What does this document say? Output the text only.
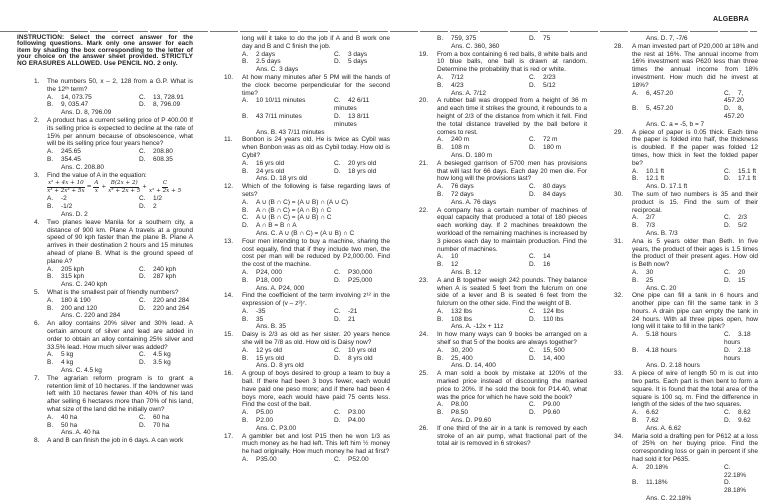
ALGEBRA
INSTRUCTION: Select the correct answer for the following questions. Mark only one answer for each item by shading the box corresponding to the letter of your choice on the answer sheet provided. STRICTLY NO ERASURES ALLOWED. Use PENCIL NO. 2 only.
1.	The numbers 50, x – 2, 128 from a G.P. What is the 12ᵗʰ term?
A. 14, 073.75	C. 13, 728.91
B. 9, 035.47	D. 8, 796.09
Ans. D. 8, 796.09
2.	A product has a current selling price of P 400.00 If its selling price is expected to decline at the rate of 15% per annum because of obsolescence, what will be its selling price four years hence?
A. 245.65	C. 208.80
B. 354.45	D. 608.35
Ans. C. 208.80
3.	Find the value of A in the equation:
$\frac{\text{x² + 4x + 10}}{\text{x³ + 2x² + 5x}} = \frac{A}{x} + \frac{B(2x + 2)}{\text{x² + 2x + 5}} + \frac{C}{\text{x² + 2x + 5}}$
A. -2	C. 1/2
B. -1/2	D. 2
Ans. D. 2
4.	Two planes leave Manila for a southern city, a distance of 900 km. Plane A travels at a ground speed of 90 kph faster than the plane B. Plane A arrives in their destination 2 hours and 15 minutes ahead of plane B. What is the ground speed of plane A?
A. 205 kph	C. 240 kph
B. 315 kph	D. 287 kph
Ans. C. 240 kph
5.	What is the smallest pair of friendly numbers?
A. 180 & 190	C. 220 and 284
B. 200 and 120	D. 220 and 264
Ans. C. 220 and 284
6.	An alloy contains 20% silver and 30% lead. A certain amount of silver and lead are added in order to obtain an alloy containing 25% silver and 33.5% lead. How much silver was added?
A. 5 kg	C. 4.5 kg
B. 4 kg	D. 3.5 kg
Ans. C. 4.5 kg
7.	The agrarian reform program is to grant a retention limit of 10 hectares. If the landowner was left with 10 hectares fewer than 40% of his land after selling 6 hectares more than 70% of his land, what size of the land did he initially own?
A. 40 ha	C. 60 ha
B. 50 ha	D. 70 ha
Ans. A. 40 ha
8.	A and B can finish the job in 6 days. A can work
long will it take to do the job if A and B work one day and B and C finish the job.
A. 2 days	C. 3 days
B. 2.5 days	D. 5 days
Ans. C. 3 days
10.	At how many minutes after 5 PM will the hands of the clock become perpendicular for the second time?
A. 10 10/11 minutes	C. 42 6/11 minutes
B. 43 7/11 minutes	D. 13 8/11 minutes
Ans. B. 43 7/11 minutes
11.	Bonbon is 24 years old. He is twice as Cybil was when Bonbon was as old as Cybil today. How old is Cybil?
A. 16 yrs old	C. 20 yrs old
B. 24 yrs old	D. 18 yrs old
Ans. D. 18 yrs old
12.	Which of the following is false regarding laws of sets?
A. A ∪ (B ∩ C) = (A ∪ B) ∩ (A ∪ C)
B. A ∩ (B ∩ C) = (A ∩ B) ∩ C
C. A ∪ (B ∩ C) = (A ∪ B) ∩ C
D. A ∩ B = B ∩ A
Ans. C. A ∪ (B ∩ C) = (A ∪ B) ∩ C
13.	Four men intending to buy a machine, sharing the cost equally, find that if they include two men, the cost per man will be reduced by P2,000.00. Find the cost of the machine.
A. P24, 000	C. P30,000
B. P18, 000	D. P25,000
Ans. A. P24, 000
14.	Find the coefficient of the term involving z¹² in the expression of (v – z³)⁷.
A. -35	C. -21
B. 35	D. 21
Ans. B. 35
15.	Daisy is 2/3 as old as her sister. 20 years hence she will be 7/8 as old. How old is Daisy now?
A. 12 ys old	C. 10 yrs old
B. 15 yrs old	D. 8 yrs old
Ans. D. 8 yrs old
16.	A group of boys desired to group a team to buy a ball. If there had been 3 boys fewer, each would have paid one peso more; and if there had been 4 boys more, each would have paid 75 cents less. Find the cost of the ball.
A. P5.00	C. P3.00
B. P2.00	D. P4.00
Ans. C. P3.00
17.	A gambler bet and lost P15 then he won 1/3 as much money as he had left. This left him ½ money he had originally. How much money he had at first?
A. P35.00	C. P52.00
B. 759, 375	D. 75
Ans. C. 360, 360
19.	From a box containing 6 red balls, 8 white balls and 10 blue balls, one ball is drawn at random. Determine the probability that is red or white.
A. 7/12	C. 2/23
B. 4/23	D. 5/12
Ans. A. 7/12
20.	A rubber ball was dropped from a height of 36 m and each time it strikes the ground, it rebounds to a height of 2/3 of the distance from which it fell. Find the total distance travelled by the ball before it comes to rest.
A. 240 m	C. 72 m
B. 108 m	D. 180 m
Ans. D. 180 m
21.	A besieged garrison of 5700 men has provisions that will last for 66 days. Each day 20 men die. For how long will the provisions last?
A. 76 days	C. 80 days
B. 72 days	D. 84 days
Ans. A. 76 days
22.	A company has a certain number of machines of equal capacity that produced a total of 180 pieces each working day. If 2 machines breakdown the workload of the remaining machines is increased by 3 pieces each day to maintain production. Find the number of machines.
A. 10	C. 14
B. 12	D. 16
Ans. B. 12
23.	A and B together weigh 242 pounds. They balance when A is seated 5 feet from the fulcrum on one side of a lever and B is seated 6 feet from the fulcrum on the other side. Find the weight of B.
A. 132 lbs	C. 124 lbs
B. 108 lbs	D. 110 lbs
Ans. A. -12x + 11z
24.	In how many ways can 9 books be arranged on a shelf so that 5 of the books are always together?
A. 30, 200	C. 15, 500
B. 25, 400	D. 14, 400
Ans. D. 14, 400
25.	A man sold a book by mistake at 120% of the marked price instead of discounting the marked price to 20%. If he sold the book for P14.40, what was the price for which he have sold the book?
A. P8.00	C. P9.00
B. P8.50	D. P9.60
Ans. D. P9.60
26.	If one third of the air in a tank is removed by each stroke of an air pump, what fractional part of the total air is removed in 6 strokes?
Ans. D. 7, -7/6
28.	A man invested part of P20,000 at 18% and the rest at 16%. The annual income from 16% investment was P620 less than three times the annual income from 18% investment. How much did he invest at 18%?
A. 6, 457.20	C. 7, 457.20
B. 5, 457.20	D. 8, 457.20
Ans. C. a = -5, b = 7
29.	A piece of paper is 0.05 thick. Each time the paper is folded into half, the thickness is doubled. If the paper was folded 12 times, how thick in feet the folded paper be?
A. 10.1 ft	C. 15.1 ft
B. 12.1 ft	D. 17.1 ft
Ans. D. 17.1 ft
30.	The sum of two numbers is 35 and their product is 15. Find the sum of their reciprocal.
A. 2/7	C. 2/3
B. 7/3	D. 5/2
Ans. B. 7/3
31.	Ana is 5 years older than Beth. In five years, the product of their ages is 1.5 times the product of their present ages. How old is Beth now?
A. 30	C. 20
B. 25	D. 15
Ans. C. 20
32.	One pipe can fill a tank in 6 hours and another pipe can fill the same tank in 3 hours. A drain pipe can empty the tank in 24 hours. With all three pipes open, how long will it take to fill in the tank?
A. 5.18 hours	C. 3.18 hours
B. 4.18 hours	D. 2.18 hours
Ans. D. 2.18 hours
33.	A piece of wire of length 50 m is cut into two parts. Each part is then bent to form a square. It is found that the total area of the square is 100 sq. m. Find the difference in length of the sides of the two squares.
A. 6.62	C. 8.62
B. 7.62	D. 9.62
Ans. A. 6.62
34.	Maria sold a drafting pen for P612 at a loss of 25% on her buying price. Find the corresponding loss or gain in percent if she had sold it for P635.
A. 20.18%	C.22.18%
B. 11.18%	D.28.18%
Ans. C. 22.18%
